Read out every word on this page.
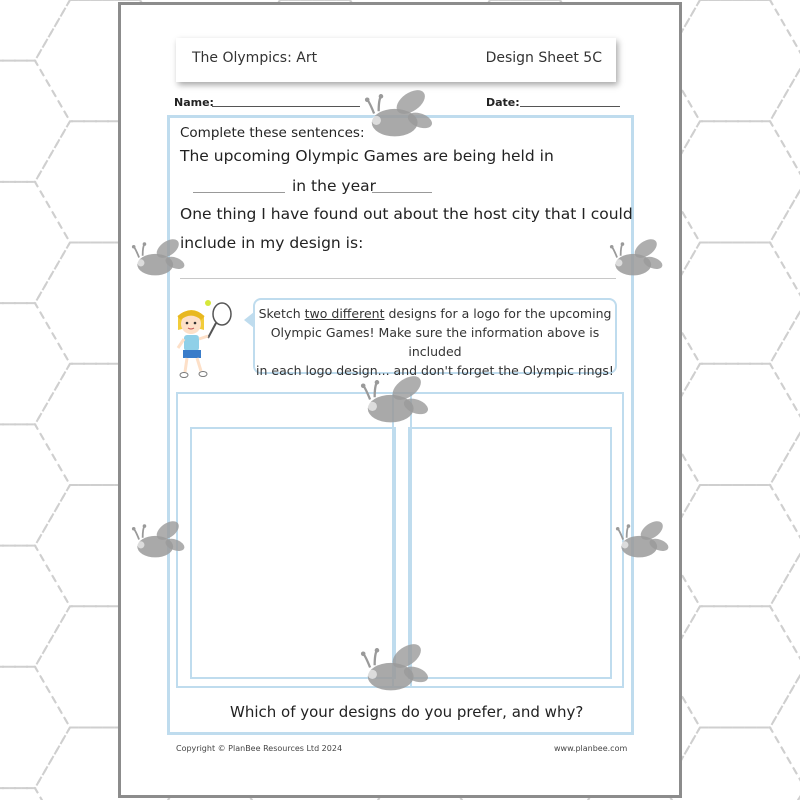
The Olympics: Art	Design Sheet 5C
Name:	Date:
Complete these sentences:
The upcoming Olympic Games are being held in
in the year
One thing I have found out about the host city that I could
include in my design is:
Sketch two different designs for a logo for the upcoming
Olympic Games! Make sure the information above is included
in each logo design... and don't forget the Olympic rings!
Which of your designs do you prefer, and why?
Copyright © PlanBee Resources Ltd 2024	www.planbee.com
